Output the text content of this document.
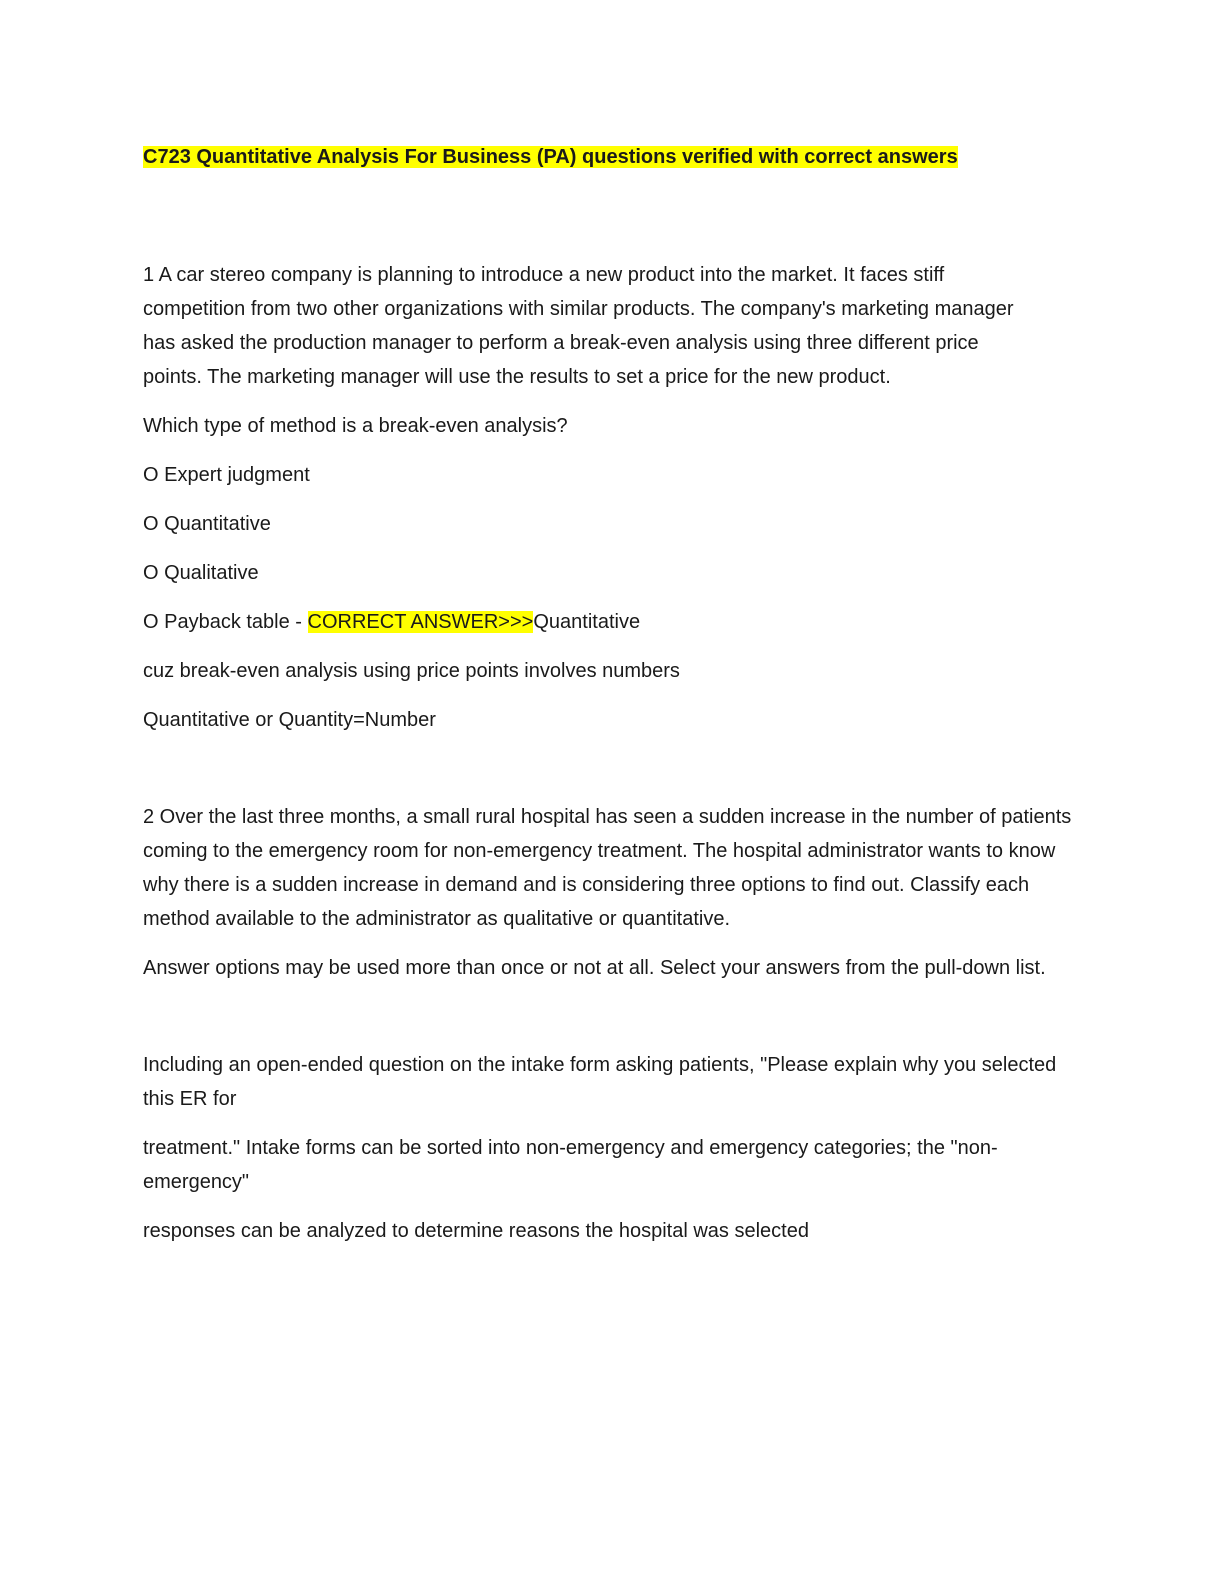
C723 Quantitative Analysis For Business (PA) questions verified with correct answers

1 A car stereo company is planning to introduce a new product into the market. It faces stiff competition from two other organizations with similar products. The company's marketing manager has asked the production manager to perform a break-even analysis using three different price points. The marketing manager will use the results to set a price for the new product.

Which type of method is a break-even analysis?

O Expert judgment

O Quantitative

O Qualitative

O Payback table - CORRECT ANSWER>>>Quantitative

cuz break-even analysis using price points involves numbers

Quantitative or Quantity=Number

2 Over the last three months, a small rural hospital has seen a sudden increase in the number of patients coming to the emergency room for non-emergency treatment. The hospital administrator wants to know why there is a sudden increase in demand and is considering three options to find out. Classify each method available to the administrator as qualitative or quantitative.

Answer options may be used more than once or not at all. Select your answers from the pull-down list.

Including an open-ended question on the intake form asking patients, "Please explain why you selected this ER for

treatment." Intake forms can be sorted into non-emergency and emergency categories; the "non-emergency"

responses can be analyzed to determine reasons the hospital was selected
